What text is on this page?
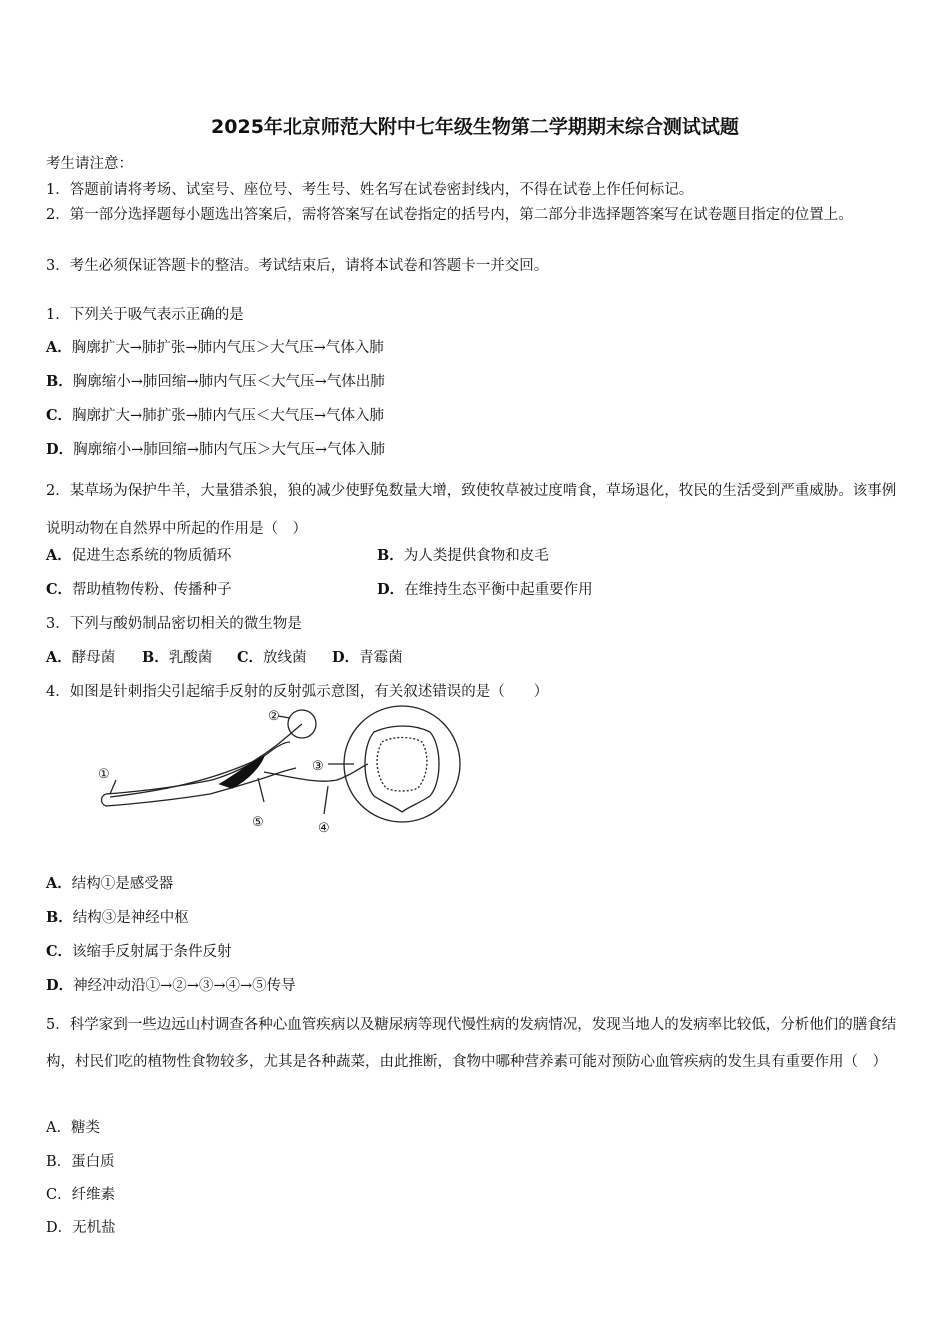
2025年北京师范大附中七年级生物第二学期期末综合测试试题
考生请注意：
1．答题前请将考场、试室号、座位号、考生号、姓名写在试卷密封线内，不得在试卷上作任何标记。
2．第一部分选择题每小题选出答案后，需将答案写在试卷指定的括号内，第二部分非选择题答案写在试卷题目指定的位置上。
3．考生必须保证答题卡的整洁。考试结束后，请将本试卷和答题卡一并交回。
1．下列关于吸气表示正确的是
A．胸廓扩大→肺扩张→肺内气压＞大气压→气体入肺
B．胸廓缩小→肺回缩→肺内气压＜大气压→气体出肺
C．胸廓扩大→肺扩张→肺内气压＜大气压→气体入肺
D．胸廓缩小→肺回缩→肺内气压＞大气压→气体入肺
2．某草场为保护牛羊，大量猎杀狼，狼的减少使野兔数量大增，致使牧草被过度啃食，草场退化，牧民的生活受到严重威胁。该事例说明动物在自然界中所起的作用是（　）
A．促进生态系统的物质循环	B．为人类提供食物和皮毛
C．帮助植物传粉、传播种子	D．在维持生态平衡中起重要作用
3．下列与酸奶制品密切相关的微生物是
A．酵母菌 B．乳酸菌 C．放线菌 D．青霉菌
4．如图是针刺指尖引起缩手反射的反射弧示意图，有关叙述错误的是（　　）
①
②
③
④
⑤
A．结构①是感受器
B．结构③是神经中枢
C．该缩手反射属于条件反射
D．神经冲动沿①→②→③→④→⑤传导
5．科学家到一些边远山村调查各种心血管疾病以及糖尿病等现代慢性病的发病情况，发现当地人的发病率比较低，分析他们的膳食结构，村民们吃的植物性食物较多，尤其是各种蔬菜，由此推断，食物中哪种营养素可能对预防心血管疾病的发生具有重要作用（　）
A．糖类
B．蛋白质
C．纤维素
D．无机盐
